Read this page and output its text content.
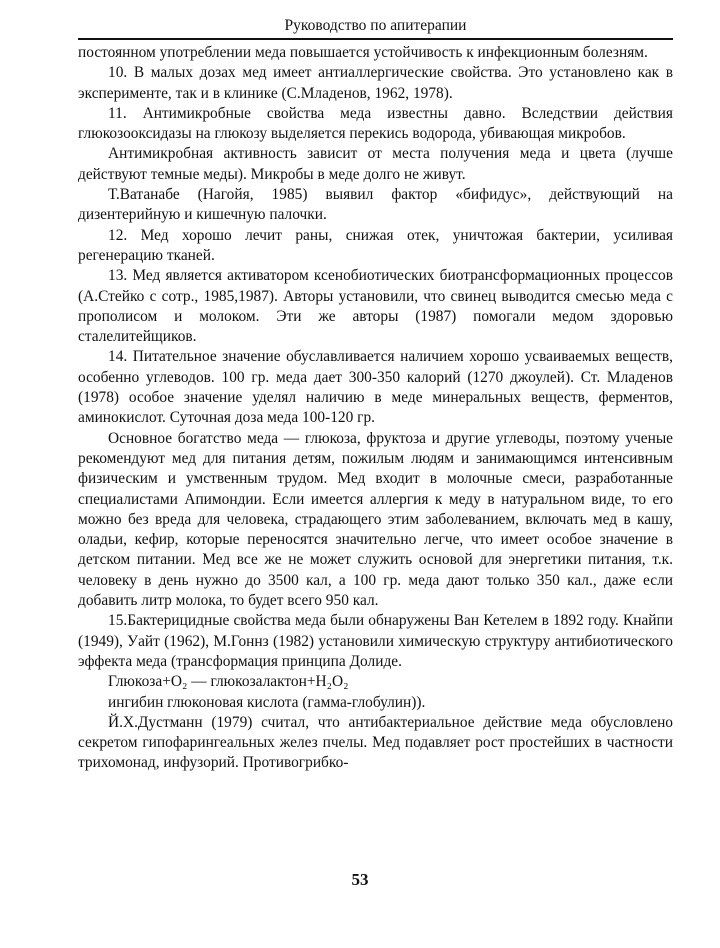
Руководство по апитерапии

постоянном употреблении меда повышается устойчивость к инфекционным болезням.

10. В малых дозах мед имеет антиаллергические свойства. Это установлено как в эксперименте, так и в клинике (С.Младенов, 1962, 1978).

11. Антимикробные свойства меда известны давно. Вследствии действия глюкозооксидазы на глюкозу выделяется перекись водорода, убивающая микробов.

Антимикробная активность зависит от места получения меда и цвета (лучше действуют темные меды). Микробы в меде долго не живут.

Т.Ватанабе (Нагойя, 1985) выявил фактор «бифидус», действующий на дизентерийную и кишечную палочки.

12. Мед хорошо лечит раны, снижая отек, уничтожая бактерии, усиливая регенерацию тканей.

13. Мед является активатором ксенобиотических биотрансформационных процессов (А.Стейко с сотр., 1985,1987). Авторы установили, что свинец выводится смесью меда с прополисом и молоком. Эти же авторы (1987) помогали медом здоровью сталелитейщиков.

14. Питательное значение обуславливается наличием хорошо усваиваемых веществ, особенно углеводов. 100 гр. меда дает 300-350 калорий (1270 джоулей). Ст. Младенов (1978) особое значение уделял наличию в меде минеральных веществ, ферментов, аминокислот. Суточная доза меда 100-120 гр.

Основное богатство меда — глюкоза, фруктоза и другие углеводы, поэтому ученые рекомендуют мед для питания детям, пожилым людям и занимающимся интенсивным физическим и умственным трудом. Мед входит в молочные смеси, разработанные специалистами Апимондии. Если имеется аллергия к меду в натуральном виде, то его можно без вреда для человека, страдающего этим заболеванием, включать мед в кашу, оладьи, кефир, которые переносятся значительно легче, что имеет особое значение в детском питании. Мед все же не может служить основой для энергетики питания, т.к. человеку в день нужно до 3500 кал, а 100 гр. меда дают только 350 кал., даже если добавить литр молока, то будет всего 950 кал.

15.Бактерицидные свойства меда были обнаружены Ван Кетелем в 1892 году. Кнайпи (1949), Уайт (1962), М.Гоннз (1982) установили химическую структуру антибиотического эффекта меда (трансформация принципа Долиде.

Глюкоза+O₂ — глюкозалактон+H₂O₂

ингибин глюконовая кислота (гамма-глобулин)).

Й.Х.Дустманн (1979) считал, что антибактериальное действие меда обусловлено секретом гипофарингеальных желез пчелы. Мед подавляет рост простейших в частности трихомонад, инфузорий. Противогрибко-

53
